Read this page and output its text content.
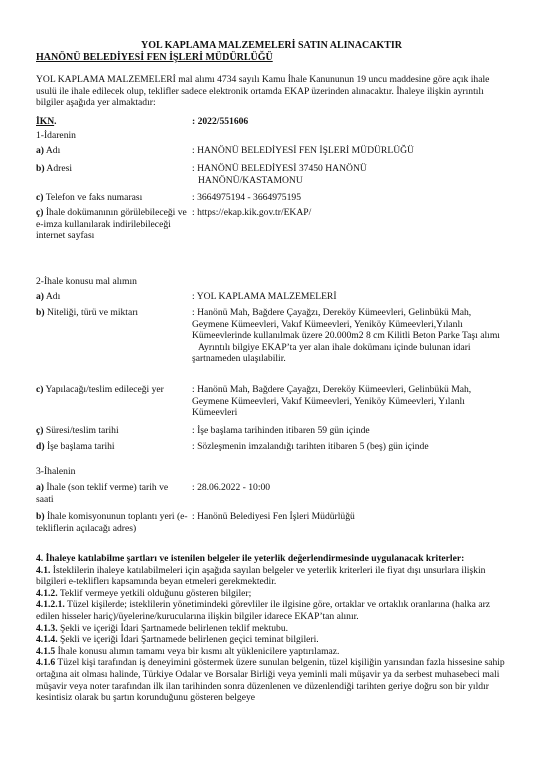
YOL KAPLAMA MALZEMELERİ SATIN ALINACAKTIR
HANÖNÜ BELEDİYESİ FEN İŞLERİ MÜDÜRLÜĞÜ
YOL KAPLAMA MALZEMELERİ mal alımı 4734 sayılı Kamu İhale Kanununun 19 uncu maddesine göre açık ihale usulü ile ihale edilecek olup, teklifler sadece elektronik ortamda EKAP üzerinden alınacaktır. İhaleye ilişkin ayrıntılı bilgiler aşağıda yer almaktadır:
İKN.	: 2022/551606
1-İdarenin
a) Adı	: HANÖNÜ BELEDİYESİ FEN İŞLERİ MÜDÜRLÜĞÜ
b) Adresi	: HANÖNÜ BELEDİYESİ 37450 HANÖNÜ
HANÖNÜ/KASTAMONU
c) Telefon ve faks numarası	: 3664975194 - 3664975195
ç) İhale dokümanının görülebileceği ve e-imza kullanılarak indirilebileceği internet sayfası
: https://ekap.kik.gov.tr/EKAP/
2-İhale konusu mal alımın
a) Adı	: YOL KAPLAMA MALZEMELERİ
b) Niteliği, türü ve miktarı	: Hanönü Mah, Bağdere Çayağzı, Dereköy Kümeevleri, Gelinbükü Mah, Geymene Kümeevleri, Vakıf Kümeevleri, Yeniköy Kümeevleri,Yılanlı Kümeevlerinde kullanılmak üzere 20.000m2 8 cm Kilitli Beton Parke Taşı alımı
Ayrıntılı bilgiye EKAP’ta yer alan ihale dokümanı içinde bulunan idari şartnameden ulaşılabilir.
c) Yapılacağı/teslim edileceği yer	: Hanönü Mah, Bağdere Çayağzı, Dereköy Kümeevleri, Gelinbükü Mah, Geymene Kümeevleri, Vakıf Kümeevleri, Yeniköy Kümeevleri, Yılanlı Kümeevleri
ç) Süresi/teslim tarihi	: İşe başlama tarihinden itibaren 59 gün içinde
d) İşe başlama tarihi	: Sözleşmenin imzalandığı tarihten itibaren 5 (beş) gün içinde
3-İhalenin
a) İhale (son teklif verme) tarih ve saati
: 28.06.2022 - 10:00
b) İhale komisyonunun toplantı yeri (e-tekliflerin açılacağı adres)
: Hanönü Belediyesi Fen İşleri Müdürlüğü
4. İhaleye katılabilme şartları ve istenilen belgeler ile yeterlik değerlendirmesinde uygulanacak kriterler:
4.1. İsteklilerin ihaleye katılabilmeleri için aşağıda sayılan belgeler ve yeterlik kriterleri ile fiyat dışı unsurlara ilişkin bilgileri e-tekliflerı kapsamında beyan etmeleri gerekmektedir.
4.1.2. Teklif vermeye yetkili olduğunu gösteren bilgiler;
4.1.2.1. Tüzel kişilerde; isteklilerin yönetimindeki görevliler ile ilgisine göre, ortaklar ve ortaklık oranlarına (halka arz edilen hisseler hariç)/üyelerine/kurucularına ilişkin bilgiler idarece EKAP’tan alınır.
4.1.3. Şekli ve içeriği İdari Şartnamede belirlenen teklif mektubu.
4.1.4. Şekli ve içeriği İdari Şartnamede belirlenen geçici teminat bilgileri.
4.1.5 İhale konusu alımın tamamı veya bir kısmı alt yüklenicilere yaptırılamaz.
4.1.6 Tüzel kişi tarafından iş deneyimini göstermek üzere sunulan belgenin, tüzel kişiliğin yarısından fazla hissesine sahip ortağına ait olması halinde, Türkiye Odalar ve Borsalar Birliği veya yeminli mali müşavir ya da serbest muhasebeci mali müşavir veya noter tarafından ilk ilan tarihinden sonra düzenlenen ve düzenlendiği tarihten geriye doğru son bir yıldır kesintisiz olarak bu şartın korunduğunu gösteren belgeye
